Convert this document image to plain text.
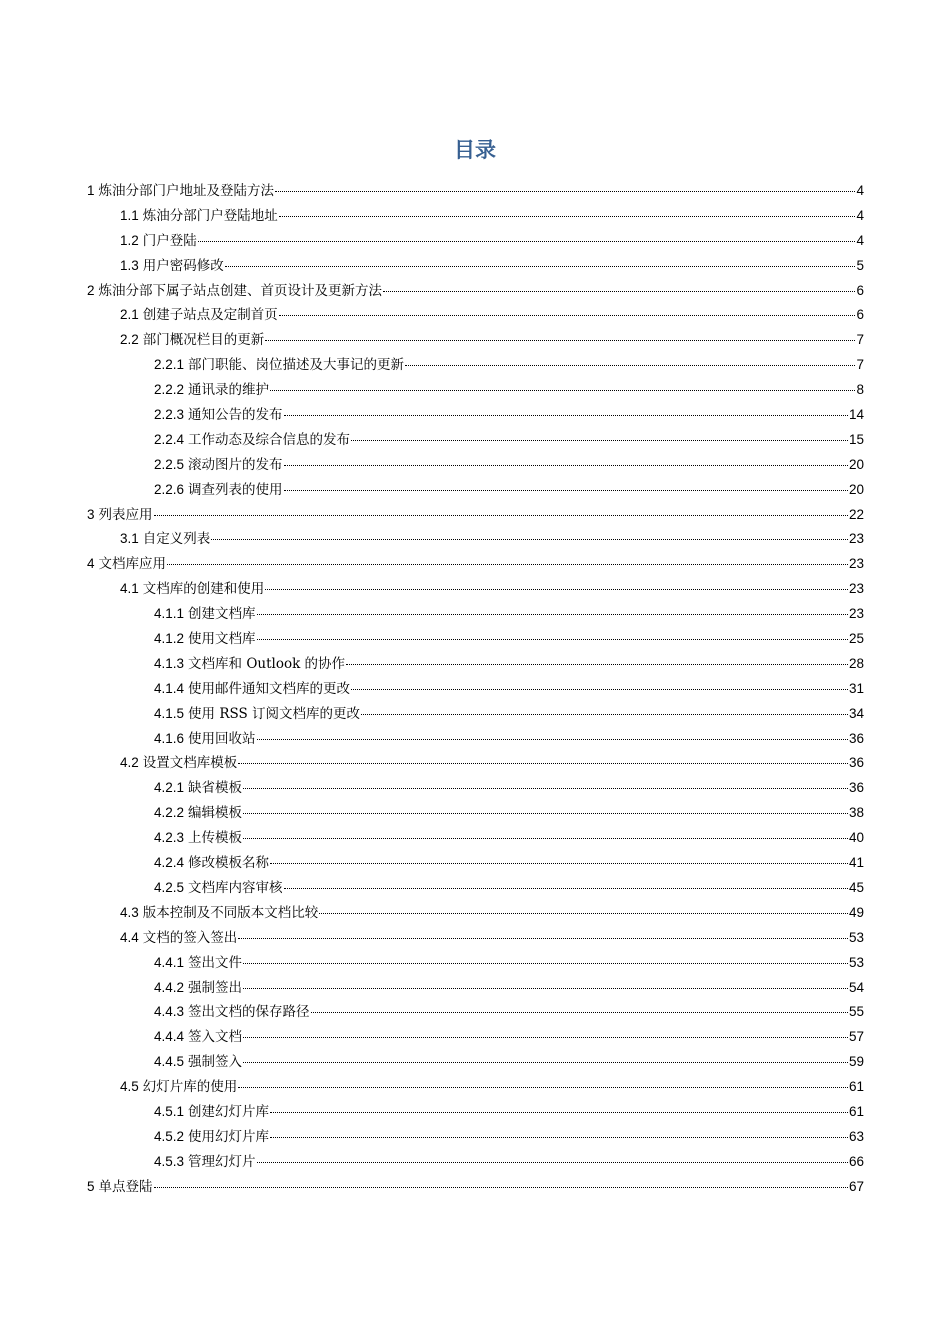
目录
1 炼油分部门户地址及登陆方法	4
1.1 炼油分部门户登陆地址	4
1.2 门户登陆	4
1.3 用户密码修改	5
2 炼油分部下属子站点创建、首页设计及更新方法	6
2.1 创建子站点及定制首页	6
2.2 部门概况栏目的更新	7
2.2.1 部门职能、岗位描述及大事记的更新	7
2.2.2 通讯录的维护	8
2.2.3 通知公告的发布	14
2.2.4 工作动态及综合信息的发布	15
2.2.5 滚动图片的发布	20
2.2.6 调查列表的使用	20
3 列表应用	22
3.1 自定义列表	23
4 文档库应用	23
4.1 文档库的创建和使用	23
4.1.1 创建文档库	23
4.1.2 使用文档库	25
4.1.3 文档库和 Outlook 的协作	28
4.1.4 使用邮件通知文档库的更改	31
4.1.5 使用 RSS 订阅文档库的更改	34
4.1.6 使用回收站	36
4.2 设置文档库模板	36
4.2.1 缺省模板	36
4.2.2 编辑模板	38
4.2.3 上传模板	40
4.2.4 修改模板名称	41
4.2.5 文档库内容审核	45
4.3 版本控制及不同版本文档比较	49
4.4 文档的签入签出	53
4.4.1 签出文件	53
4.4.2 强制签出	54
4.4.3 签出文档的保存路径	55
4.4.4 签入文档	57
4.4.5 强制签入	59
4.5 幻灯片库的使用	61
4.5.1 创建幻灯片库	61
4.5.2 使用幻灯片库	63
4.5.3 管理幻灯片	66
5 单点登陆	67
